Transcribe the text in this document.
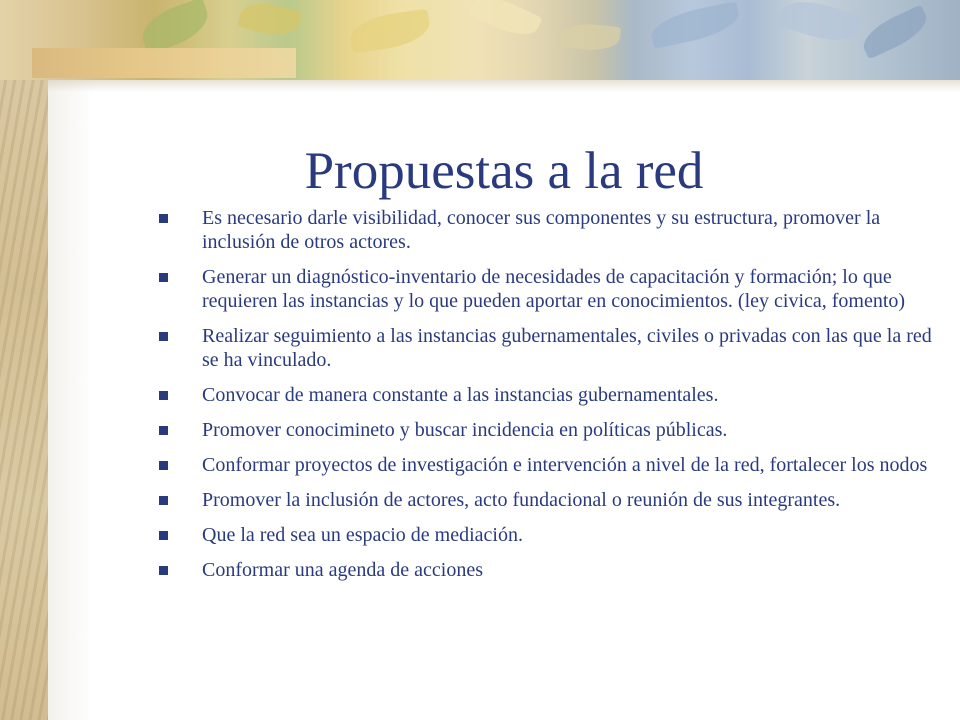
Propuestas a la red
Es necesario darle visibilidad, conocer sus componentes y su estructura, promover la inclusión de otros actores.
Generar un diagnóstico-inventario de necesidades de capacitación y formación; lo que requieren las instancias y lo que pueden aportar en conocimientos. (ley civica, fomento)
Realizar seguimiento a las instancias gubernamentales, civiles o privadas con las que la red se ha vinculado.
Convocar de manera constante a las instancias gubernamentales.
Promover conocimineto y buscar incidencia en políticas públicas.
Conformar proyectos de investigación e intervención a nivel de la red, fortalecer los nodos
Promover la inclusión de actores, acto fundacional o reunión de sus integrantes.
Que la red sea un espacio de mediación.
Conformar una agenda de acciones
